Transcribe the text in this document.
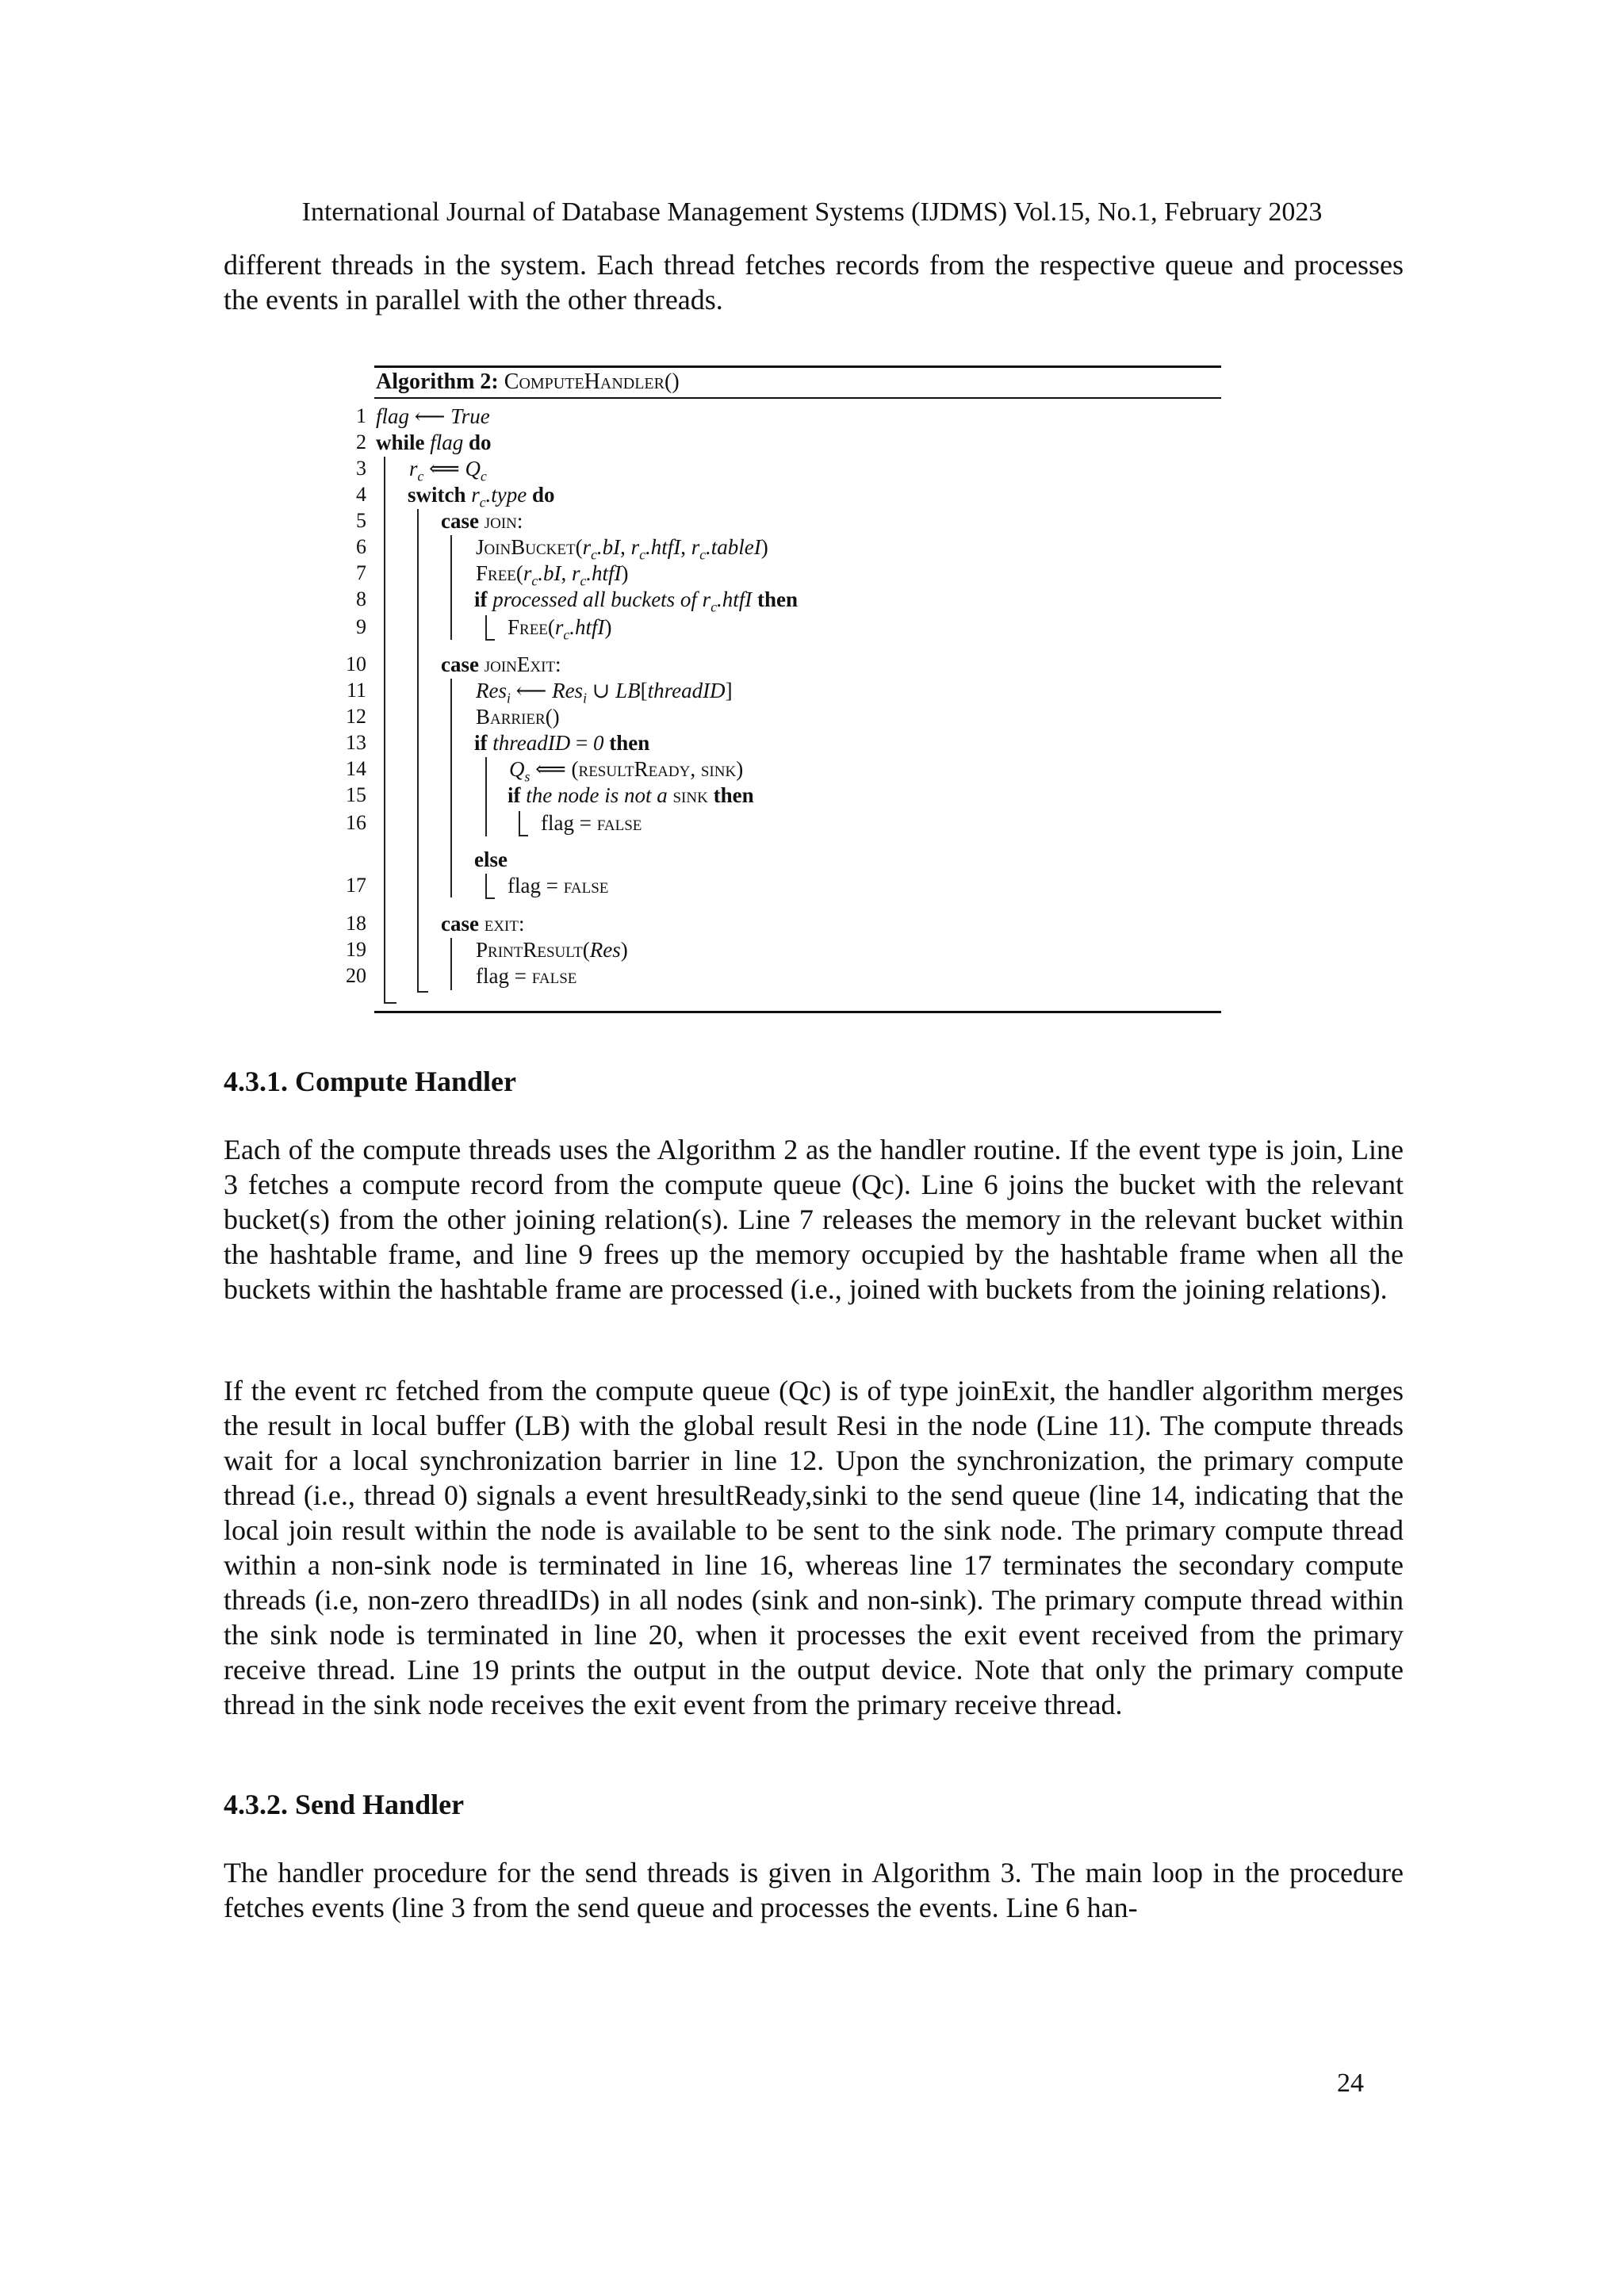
International Journal of Database Management Systems (IJDMS) Vol.15, No.1, February 2023
different threads in the system. Each thread fetches records from the respective queue and processes the events in parallel with the other threads.
Algorithm 2: ComputeHandler()
1
2
3
4
5
6
7
8
9
10
11
12
13
14
15
16
17
18
19
20
flag ⟵ True
while flag do
$r_c$ ⟸ $Q_c$
switch $r_c.type$ do
case join:
$JoinBucket(r_c.bI$, $r_c.htfI$, $r_c.tableI$)
$Free(r_c.bI$, $r_c.htfI$)
if processed all buckets of $r_c.htfI$ then
$Free(r_c.htfI)$
case joinExit:
Res$_i$ ⟵ Res$_i$ ∪ LB[threadID]
Barrier()
if threadID = 0 then
$Q_s$ ⟸ (resultReady, sink)
if the node is not a sink then
flag = false
else
flag = false
case exit:
PrintResult(Res)
flag = false
4.3.1. Compute Handler
Each of the compute threads uses the Algorithm 2 as the handler routine. If the event type is join, Line 3 fetches a compute record from the compute queue (Qc). Line 6 joins the bucket with the relevant bucket(s) from the other joining relation(s). Line 7 releases the memory in the relevant bucket within the hashtable frame, and line 9 frees up the memory occupied by the hashtable frame when all the buckets within the hashtable frame are processed (i.e., joined with buckets from the joining relations).
If the event rc fetched from the compute queue (Qc) is of type joinExit, the handler algorithm merges the result in local buffer (LB) with the global result Resi in the node (Line 11). The compute threads wait for a local synchronization barrier in line 12. Upon the synchronization, the primary compute thread (i.e., thread 0) signals a event hresultReady,sinki to the send queue (line 14, indicating that the local join result within the node is available to be sent to the sink node. The primary compute thread within a non-sink node is terminated in line 16, whereas line 17 terminates the secondary compute threads (i.e, non-zero threadIDs) in all nodes (sink and non-sink). The primary compute thread within the sink node is terminated in line 20, when it processes the exit event received from the primary receive thread. Line 19 prints the output in the output device. Note that only the primary compute thread in the sink node receives the exit event from the primary receive thread.
4.3.2. Send Handler
The handler procedure for the send threads is given in Algorithm 3. The main loop in the procedure fetches events (line 3 from the send queue and processes the events. Line 6 han-
24
